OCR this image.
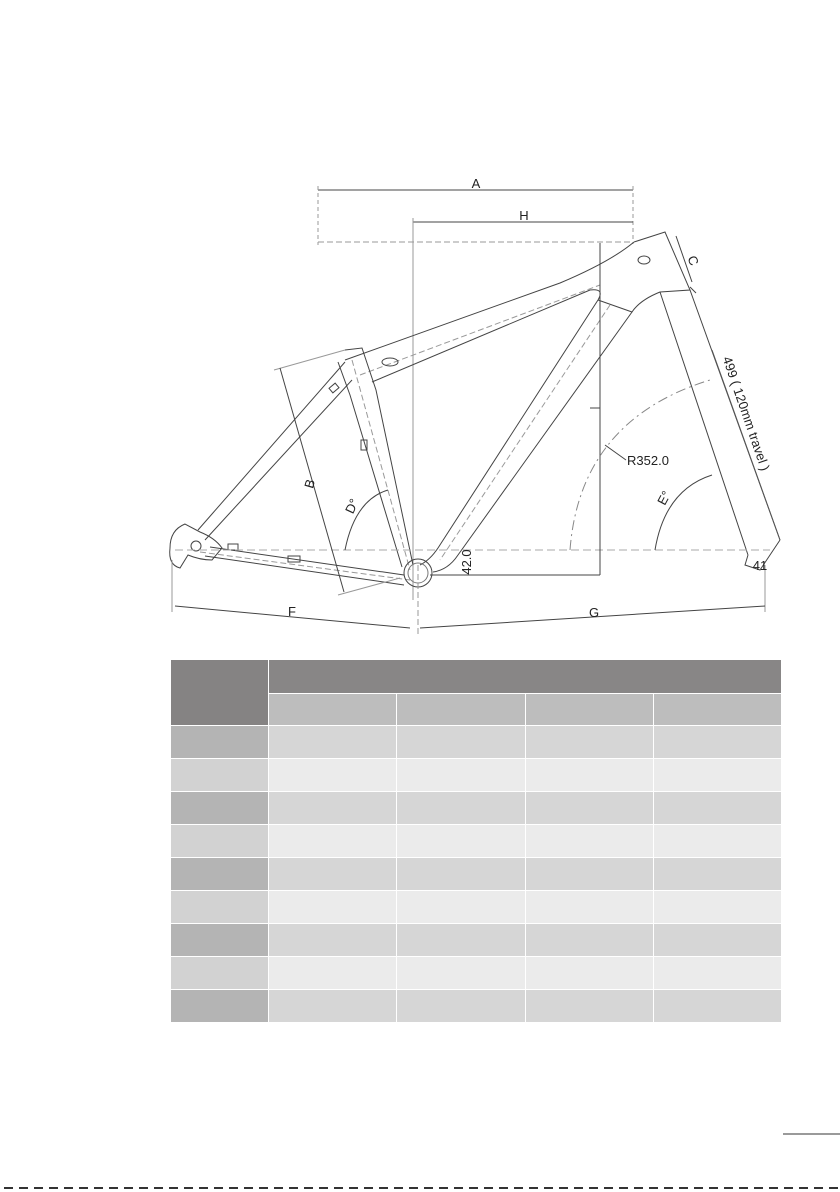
A
H
C
499 ( 120mm travel )
R352.0
B
D°	E°
42.0	41
F	G
